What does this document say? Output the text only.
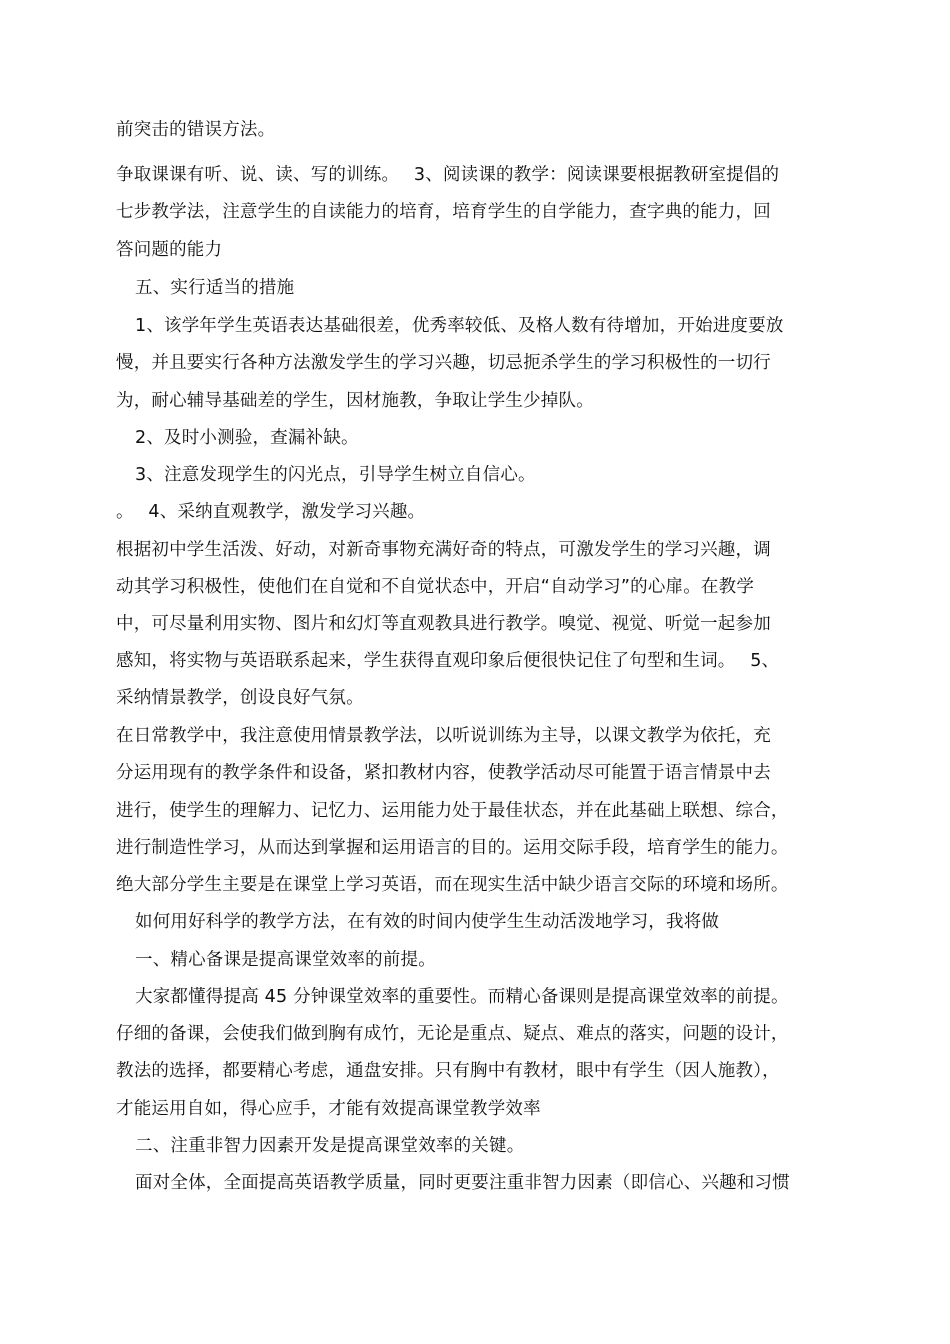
前突击的错误方法。
争取课课有听、说、读、写的训练。　 3、阅读课的教学：阅读课要根据教研室提倡的
七步教学法，注意学生的自读能力的培育，培育学生的自学能力，查字典的能力，回
答问题的能力
五、实行适当的措施
1、该学年学生英语表达基础很差，优秀率较低、及格人数有待增加，开始进度要放
慢，并且要实行各种方法激发学生的学习兴趣，切忌扼杀学生的学习积极性的一切行
为，耐心辅导基础差的学生，因材施教，争取让学生少掉队。
2、及时小测验，查漏补缺。
3、注意发现学生的闪光点，引导学生树立自信心。
。　 4、采纳直观教学，激发学习兴趣。
根据初中学生活泼、好动，对新奇事物充满好奇的特点，可激发学生的学习兴趣，调
动其学习积极性，使他们在自觉和不自觉状态中，开启“自动学习”的心扉。在教学
中，可尽量利用实物、图片和幻灯等直观教具进行教学。嗅觉、视觉、听觉一起参加
感知，将实物与英语联系起来，学生获得直观印象后便很快记住了句型和生词。　 5、
采纳情景教学，创设良好气氛。
在日常教学中，我注意使用情景教学法，以听说训练为主导，以课文教学为依托，充
分运用现有的教学条件和设备，紧扣教材内容，使教学活动尽可能置于语言情景中去
进行，使学生的理解力、记忆力、运用能力处于最佳状态，并在此基础上联想、综合，
进行制造性学习，从而达到掌握和运用语言的目的。运用交际手段，培育学生的能力。
绝大部分学生主要是在课堂上学习英语，而在现实生活中缺少语言交际的环境和场所。
如何用好科学的教学方法，在有效的时间内使学生生动活泼地学习，我将做
一、精心备课是提高课堂效率的前提。
大家都懂得提高 45 分钟课堂效率的重要性。而精心备课则是提高课堂效率的前提。
仔细的备课，会使我们做到胸有成竹，无论是重点、疑点、难点的落实，问题的设计，
教法的选择，都要精心考虑，通盘安排。只有胸中有教材，眼中有学生（因人施教），
才能运用自如，得心应手，才能有效提高课堂教学效率
二、注重非智力因素开发是提高课堂效率的关键。
面对全体，全面提高英语教学质量，同时更要注重非智力因素（即信心、兴趣和习惯
